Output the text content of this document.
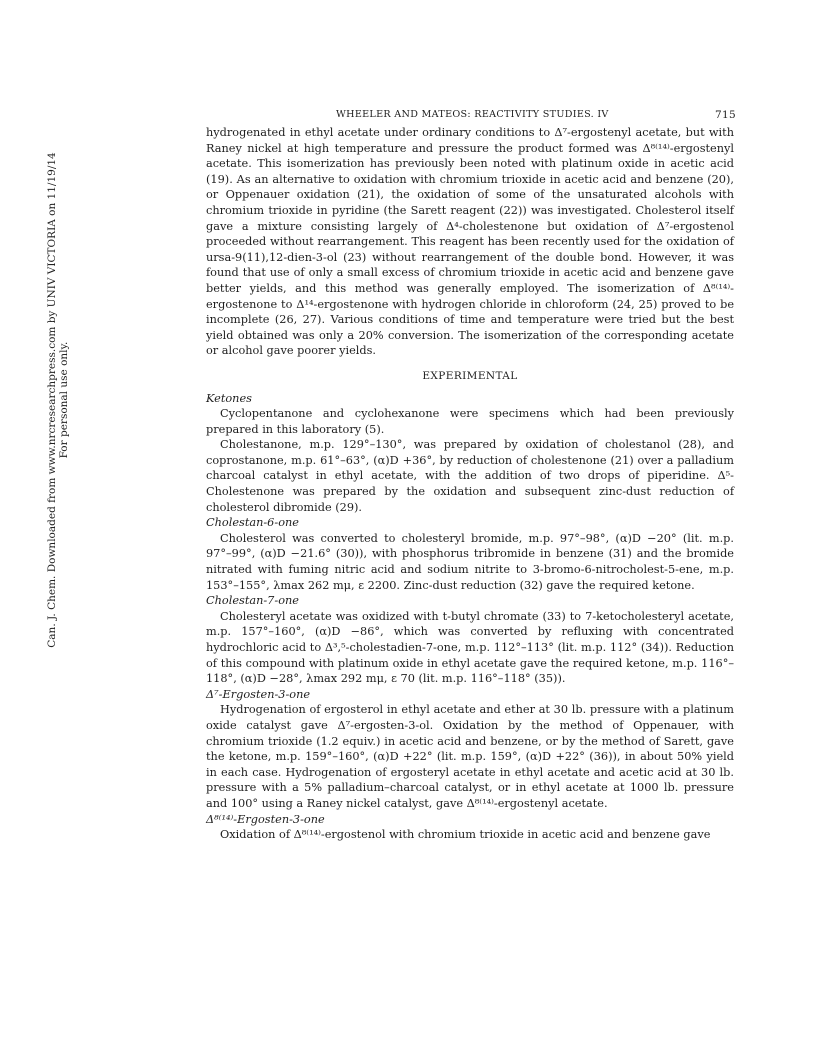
Can. J. Chem. Downloaded from www.nrcresearchpress.com by UNIV VICTORIA on 11/19/14 For personal use only.
WHEELER AND MATEOS: REACTIVITY STUDIES. IV	715

hydrogenated in ethyl acetate under ordinary conditions to Δ⁷-ergostenyl acetate, but with Raney nickel at high temperature and pressure the product formed was Δ⁸⁽¹⁴⁾-ergostenyl acetate. This isomerization has previously been noted with platinum oxide in acetic acid (19). As an alternative to oxidation with chromium trioxide in acetic acid and benzene (20), or Oppenauer oxidation (21), the oxidation of some of the unsaturated alcohols with chromium trioxide in pyridine (the Sarett reagent (22)) was investigated. Cholesterol itself gave a mixture consisting largely of Δ⁴-cholestenone but oxidation of Δ⁷-ergostenol proceeded without rearrangement. This reagent has been recently used for the oxidation of ursa-9(11),12-dien-3-ol (23) without rearrangement of the double bond. However, it was found that use of only a small excess of chromium trioxide in acetic acid and benzene gave better yields, and this method was generally employed. The isomerization of Δ⁸⁽¹⁴⁾-ergostenone to Δ¹⁴-ergostenone with hydrogen chloride in chloroform (24, 25) proved to be incomplete (26, 27). Various conditions of time and temperature were tried but the best yield obtained was only a 20% conversion. The isomerization of the corresponding acetate or alcohol gave poorer yields.

EXPERIMENTAL

Ketones

Cyclopentanone and cyclohexanone were specimens which had been previously prepared in this laboratory (5).

Cholestanone, m.p. 129°–130°, was prepared by oxidation of cholestanol (28), and coprostanone, m.p. 61°–63°, (α)D +36°, by reduction of cholestenone (21) over a palladium charcoal catalyst in ethyl acetate, with the addition of two drops of piperidine. Δ⁵-Cholestenone was prepared by the oxidation and subsequent zinc-dust reduction of cholesterol dibromide (29).

Cholestan-6-one

Cholesterol was converted to cholesteryl bromide, m.p. 97°–98°, (α)D −20° (lit. m.p. 97°–99°, (α)D −21.6° (30)), with phosphorus tribromide in benzene (31) and the bromide nitrated with fuming nitric acid and sodium nitrite to 3-bromo-6-nitrocholest-5-ene, m.p. 153°–155°, λmax 262 mμ, ε 2200. Zinc-dust reduction (32) gave the required ketone.

Cholestan-7-one

Cholesteryl acetate was oxidized with t-butyl chromate (33) to 7-ketocholesteryl acetate, m.p. 157°–160°, (α)D −86°, which was converted by refluxing with concentrated hydrochloric acid to Δ³,⁵-cholestadien-7-one, m.p. 112°–113° (lit. m.p. 112° (34)). Reduction of this compound with platinum oxide in ethyl acetate gave the required ketone, m.p. 116°–118°, (α)D −28°, λmax 292 mμ, ε 70 (lit. m.p. 116°–118° (35)).

Δ⁷-Ergosten-3-one

Hydrogenation of ergosterol in ethyl acetate and ether at 30 lb. pressure with a platinum oxide catalyst gave Δ⁷-ergosten-3-ol. Oxidation by the method of Oppenauer, with chromium trioxide (1.2 equiv.) in acetic acid and benzene, or by the method of Sarett, gave the ketone, m.p. 159°–160°, (α)D +22° (lit. m.p. 159°, (α)D +22° (36)), in about 50% yield in each case. Hydrogenation of ergosteryl acetate in ethyl acetate and acetic acid at 30 lb. pressure with a 5% palladium–charcoal catalyst, or in ethyl acetate at 1000 lb. pressure and 100° using a Raney nickel catalyst, gave Δ⁸⁽¹⁴⁾-ergostenyl acetate.

Δ⁸⁽¹⁴⁾-Ergosten-3-one

Oxidation of Δ⁸⁽¹⁴⁾-ergostenol with chromium trioxide in acetic acid and benzene gave
